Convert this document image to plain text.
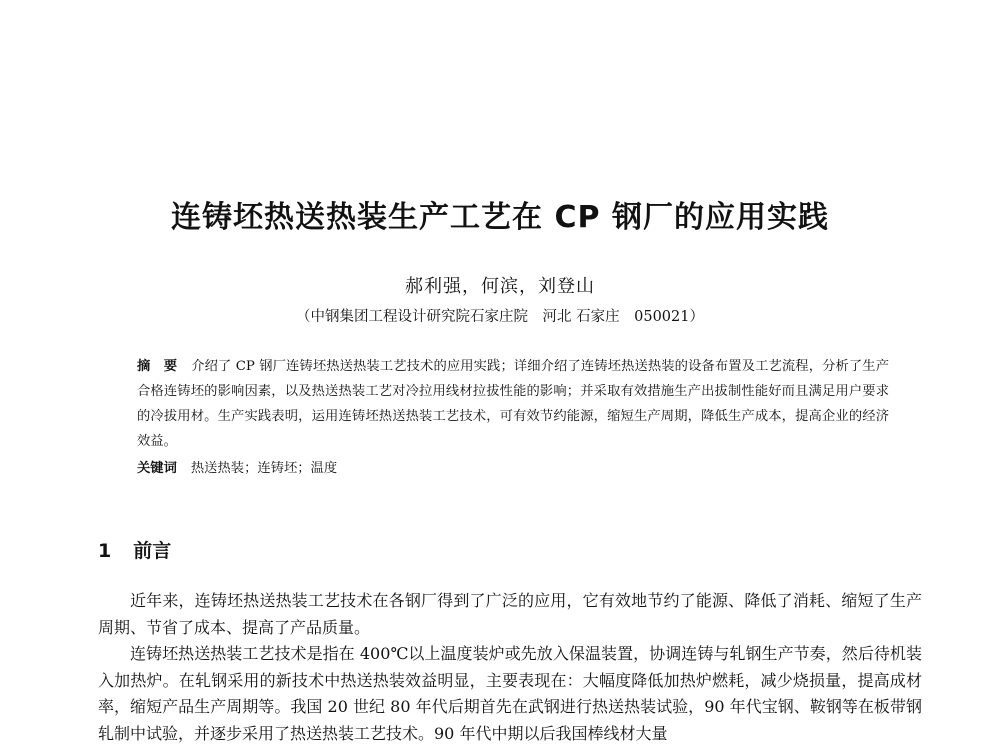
连铸坯热送热装生产工艺在 CP 钢厂的应用实践
郝利强，何滨，刘登山
（中钢集团工程设计研究院石家庄院　河北 石家庄　050021）
摘　要 介绍了 CP 钢厂连铸坯热送热装工艺技术的应用实践；详细介绍了连铸坯热送热装的设备布置及工艺流程，分析了生产合格连铸坯的影响因素，以及热送热装工艺对冷拉用线材拉拔性能的影响；并采取有效措施生产出拔制性能好而且满足用户要求的冷拔用材。生产实践表明，运用连铸坯热送热装工艺技术，可有效节约能源，缩短生产周期，降低生产成本，提高企业的经济效益。
关键词 热送热装；连铸坯；温度
1 前言

近年来，连铸坯热送热装工艺技术在各钢厂得到了广泛的应用，它有效地节约了能源、降低了消耗、缩短了生产周期、节省了成本、提高了产品质量。

连铸坯热送热装工艺技术是指在 400℃以上温度装炉或先放入保温装置，协调连铸与轧钢生产节奏，然后待机装入加热炉。在轧钢采用的新技术中热送热装效益明显，主要表现在：大幅度降低加热炉燃耗，减少烧损量，提高成材率，缩短产品生产周期等。我国 20 世纪 80 年代后期首先在武钢进行热送热装试验，90 年代宝钢、鞍钢等在板带钢轧制中试验，并逐步采用了热送热装工艺技术。90 年代中期以后我国棒线材大量
